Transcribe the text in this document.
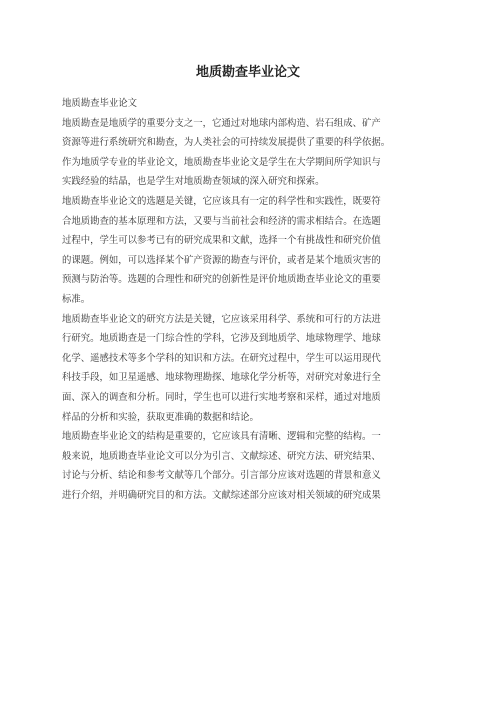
地质勘查毕业论文
地质勘查毕业论文
地质勘查是地质学的重要分支之一，它通过对地球内部构造、岩石组成、矿产
资源等进行系统研究和勘查，为人类社会的可持续发展提供了重要的科学依据。
作为地质学专业的毕业论文，地质勘查毕业论文是学生在大学期间所学知识与
实践经验的结晶，也是学生对地质勘查领域的深入研究和探索。
地质勘查毕业论文的选题是关键，它应该具有一定的科学性和实践性，既要符
合地质勘查的基本原理和方法，又要与当前社会和经济的需求相结合。在选题
过程中，学生可以参考已有的研究成果和文献，选择一个有挑战性和研究价值
的课题。例如，可以选择某个矿产资源的勘查与评价，或者是某个地质灾害的
预测与防治等。选题的合理性和研究的创新性是评价地质勘查毕业论文的重要
标准。
地质勘查毕业论文的研究方法是关键，它应该采用科学、系统和可行的方法进
行研究。地质勘查是一门综合性的学科，它涉及到地质学、地球物理学、地球
化学、遥感技术等多个学科的知识和方法。在研究过程中，学生可以运用现代
科技手段，如卫星遥感、地球物理勘探、地球化学分析等，对研究对象进行全
面、深入的调查和分析。同时，学生也可以进行实地考察和采样，通过对地质
样品的分析和实验，获取更准确的数据和结论。
地质勘查毕业论文的结构是重要的，它应该具有清晰、逻辑和完整的结构。一
般来说，地质勘查毕业论文可以分为引言、文献综述、研究方法、研究结果、
讨论与分析、结论和参考文献等几个部分。引言部分应该对选题的背景和意义
进行介绍，并明确研究目的和方法。文献综述部分应该对相关领域的研究成果
